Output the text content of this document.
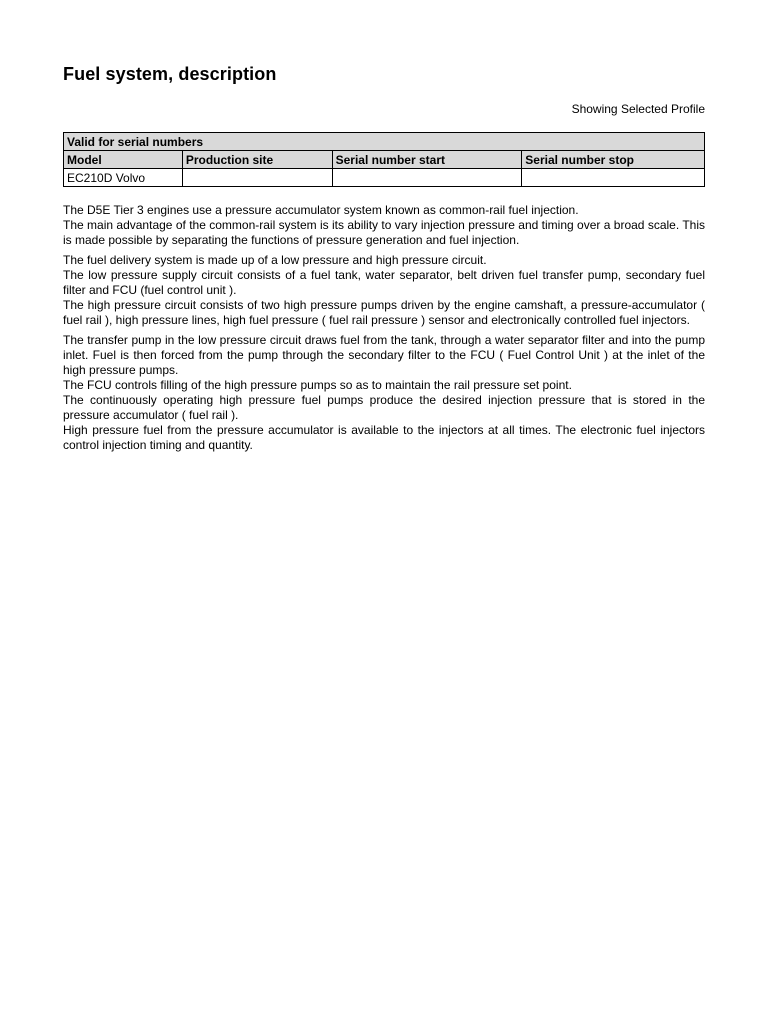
Fuel system, description
Showing Selected Profile
Valid for serial numbers			
Model	Production site	Serial number start	Serial number stop
EC210D Volvo			

The D5E Tier 3 engines use a pressure accumulator system known as common-rail fuel injection.

The main advantage of the common-rail system is its ability to vary injection pressure and timing over a broad scale. This is made possible by separating the functions of pressure generation and fuel injection.

The fuel delivery system is made up of a low pressure and high pressure circuit.

The low pressure supply circuit consists of a fuel tank, water separator, belt driven fuel transfer pump, secondary fuel filter and FCU (fuel control unit ).

The high pressure circuit consists of two high pressure pumps driven by the engine camshaft, a pressure-accumulator ( fuel rail ), high pressure lines, high fuel pressure ( fuel rail pressure ) sensor and electronically controlled fuel injectors.

The transfer pump in the low pressure circuit draws fuel from the tank, through a water separator filter and into the pump inlet. Fuel is then forced from the pump through the secondary filter to the FCU ( Fuel Control Unit ) at the inlet of the high pressure pumps.

The FCU controls filling of the high pressure pumps so as to maintain the rail pressure set point.

The continuously operating high pressure fuel pumps produce the desired injection pressure that is stored in the pressure accumulator ( fuel rail ).

High pressure fuel from the pressure accumulator is available to the injectors at all times. The electronic fuel injectors control injection timing and quantity.
